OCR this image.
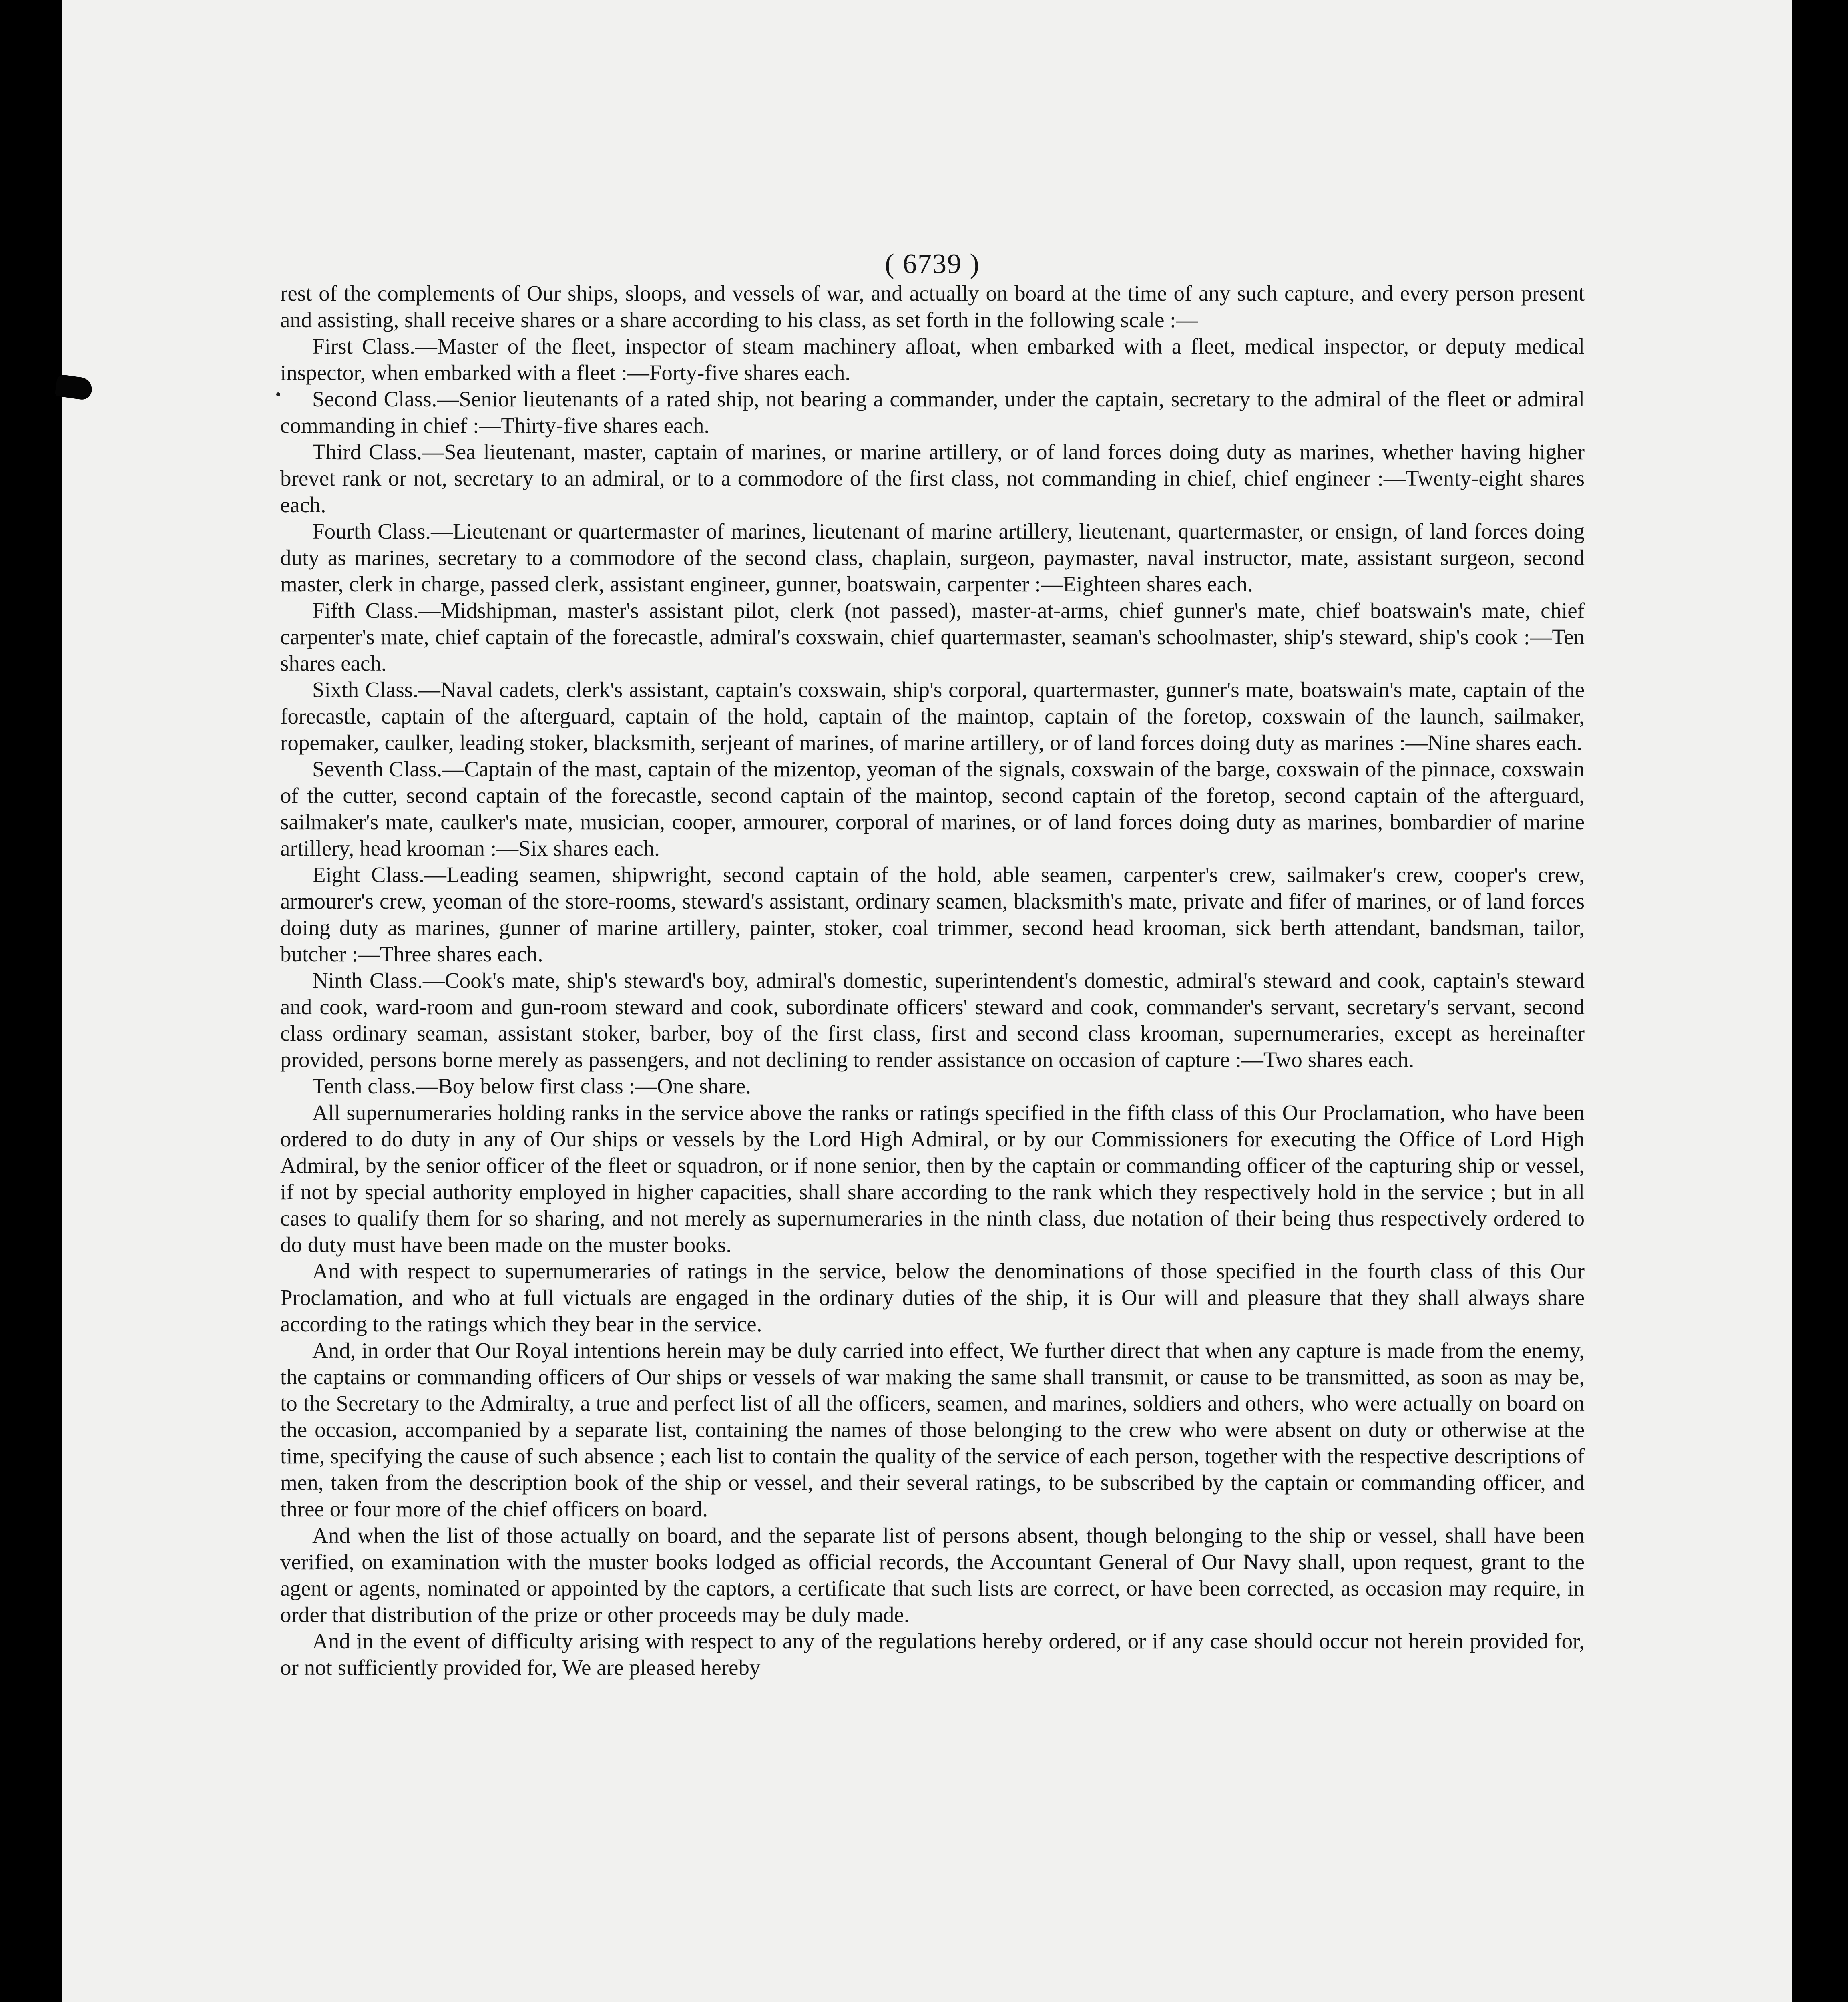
( 6739 )

rest of the complements of Our ships, sloops, and vessels of war, and actually on board at the time of any such capture, and every person present and assisting, shall receive shares or a share according to his class, as set forth in the following scale :—

First Class.—Master of the fleet, inspector of steam machinery afloat, when embarked with a fleet, medical inspector, or deputy medical inspector, when embarked with a fleet :—Forty-five shares each.

Second Class.—Senior lieutenants of a rated ship, not bearing a commander, under the captain, secretary to the admiral of the fleet or admiral commanding in chief :—Thirty-five shares each.

Third Class.—Sea lieutenant, master, captain of marines, or marine artillery, or of land forces doing duty as marines, whether having higher brevet rank or not, secretary to an admiral, or to a commodore of the first class, not commanding in chief, chief engineer :—Twenty-eight shares each.

Fourth Class.—Lieutenant or quartermaster of marines, lieutenant of marine artillery, lieutenant, quartermaster, or ensign, of land forces doing duty as marines, secretary to a commodore of the second class, chaplain, surgeon, paymaster, naval instructor, mate, assistant surgeon, second master, clerk in charge, passed clerk, assistant engineer, gunner, boatswain, carpenter :—Eighteen shares each.

Fifth Class.—Midshipman, master's assistant pilot, clerk (not passed), master-at-arms, chief gunner's mate, chief boatswain's mate, chief carpenter's mate, chief captain of the forecastle, admiral's coxswain, chief quartermaster, seaman's schoolmaster, ship's steward, ship's cook :—Ten shares each.

Sixth Class.—Naval cadets, clerk's assistant, captain's coxswain, ship's corporal, quartermaster, gunner's mate, boatswain's mate, captain of the forecastle, captain of the afterguard, captain of the hold, captain of the maintop, captain of the foretop, coxswain of the launch, sailmaker, ropemaker, caulker, leading stoker, blacksmith, serjeant of marines, of marine artillery, or of land forces doing duty as marines :—Nine shares each.

Seventh Class.—Captain of the mast, captain of the mizentop, yeoman of the signals, coxswain of the barge, coxswain of the pinnace, coxswain of the cutter, second captain of the forecastle, second captain of the maintop, second captain of the foretop, second captain of the afterguard, sailmaker's mate, caulker's mate, musician, cooper, armourer, corporal of marines, or of land forces doing duty as marines, bombardier of marine artillery, head krooman :—Six shares each.

Eight Class.—Leading seamen, shipwright, second captain of the hold, able seamen, carpenter's crew, sailmaker's crew, cooper's crew, armourer's crew, yeoman of the store-rooms, steward's assistant, ordinary seamen, blacksmith's mate, private and fifer of marines, or of land forces doing duty as marines, gunner of marine artillery, painter, stoker, coal trimmer, second head krooman, sick berth attendant, bandsman, tailor, butcher :—Three shares each.

Ninth Class.—Cook's mate, ship's steward's boy, admiral's domestic, superintendent's domestic, admiral's steward and cook, captain's steward and cook, ward-room and gun-room steward and cook, subordinate officers' steward and cook, commander's servant, secretary's servant, second class ordinary seaman, assistant stoker, barber, boy of the first class, first and second class krooman, supernumeraries, except as hereinafter provided, persons borne merely as passengers, and not declining to render assistance on occasion of capture :—Two shares each.

Tenth class.—Boy below first class :—One share.

All supernumeraries holding ranks in the service above the ranks or ratings specified in the fifth class of this Our Proclamation, who have been ordered to do duty in any of Our ships or vessels by the Lord High Admiral, or by our Commissioners for executing the Office of Lord High Admiral, by the senior officer of the fleet or squadron, or if none senior, then by the captain or commanding officer of the capturing ship or vessel, if not by special authority employed in higher capacities, shall share according to the rank which they respectively hold in the service ; but in all cases to qualify them for so sharing, and not merely as supernumeraries in the ninth class, due notation of their being thus respectively ordered to do duty must have been made on the muster books.

And with respect to supernumeraries of ratings in the service, below the denominations of those specified in the fourth class of this Our Proclamation, and who at full victuals are engaged in the ordinary duties of the ship, it is Our will and pleasure that they shall always share according to the ratings which they bear in the service.

And, in order that Our Royal intentions herein may be duly carried into effect, We further direct that when any capture is made from the enemy, the captains or commanding officers of Our ships or vessels of war making the same shall transmit, or cause to be transmitted, as soon as may be, to the Secretary to the Admiralty, a true and perfect list of all the officers, seamen, and marines, soldiers and others, who were actually on board on the occasion, accompanied by a separate list, containing the names of those belonging to the crew who were absent on duty or otherwise at the time, specifying the cause of such absence ; each list to contain the quality of the service of each person, together with the respective descriptions of men, taken from the description book of the ship or vessel, and their several ratings, to be subscribed by the captain or commanding officer, and three or four more of the chief officers on board.

And when the list of those actually on board, and the separate list of persons absent, though belonging to the ship or vessel, shall have been verified, on examination with the muster books lodged as official records, the Accountant General of Our Navy shall, upon request, grant to the agent or agents, nominated or appointed by the captors, a certificate that such lists are correct, or have been corrected, as occasion may require, in order that distribution of the prize or other proceeds may be duly made.

And in the event of difficulty arising with respect to any of the regulations hereby ordered, or if any case should occur not herein provided for, or not sufficiently provided for, We are pleased hereby
